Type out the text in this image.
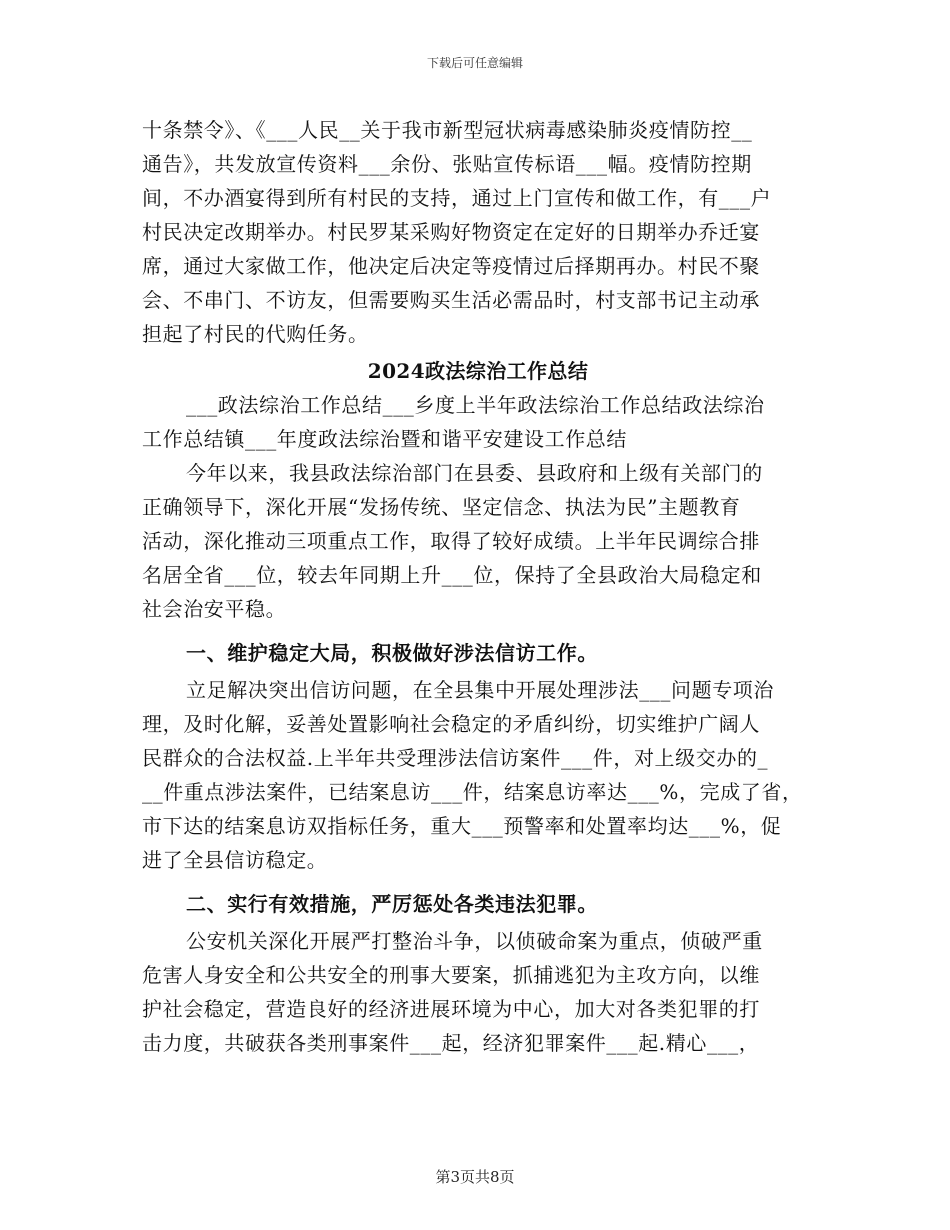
下载后可任意编辑
十条禁令》、《___人民__关于我市新型冠状病毒感染肺炎疫情防控__
通告》，共发放宣传资料___余份、张贴宣传标语___幅。疫情防控期
间，不办酒宴得到所有村民的支持，通过上门宣传和做工作，有___户
村民决定改期举办。村民罗某采购好物资定在定好的日期举办乔迁宴
席，通过大家做工作，他决定后决定等疫情过后择期再办。村民不聚
会、不串门、不访友，但需要购买生活必需品时，村支部书记主动承
担起了村民的代购任务。
2024政法综治工作总结
___政法综治工作总结___乡度上半年政法综治工作总结政法综治
工作总结镇___年度政法综治暨和谐平安建设工作总结
今年以来，我县政法综治部门在县委、县政府和上级有关部门的
正确领导下，深化开展“发扬传统、坚定信念、执法为民”主题教育
活动，深化推动三项重点工作，取得了较好成绩。上半年民调综合排
名居全省___位，较去年同期上升___位，保持了全县政治大局稳定和
社会治安平稳。
一、维护稳定大局，积极做好涉法信访工作。
立足解决突出信访问题，在全县集中开展处理涉法___问题专项治
理，及时化解，妥善处置影响社会稳定的矛盾纠纷，切实维护广阔人
民群众的合法权益.上半年共受理涉法信访案件___件，对上级交办的_
__件重点涉法案件，已结案息访___件，结案息访率达___%，完成了省，
市下达的结案息访双指标任务，重大___预警率和处置率均达___%，促
进了全县信访稳定。
二、实行有效措施，严厉惩处各类违法犯罪。
公安机关深化开展严打整治斗争，以侦破命案为重点，侦破严重
危害人身安全和公共安全的刑事大要案，抓捕逃犯为主攻方向，以维
护社会稳定，营造良好的经济进展环境为中心，加大对各类犯罪的打
击力度，共破获各类刑事案件___起，经济犯罪案件___起.精心___，
第3页共8页
